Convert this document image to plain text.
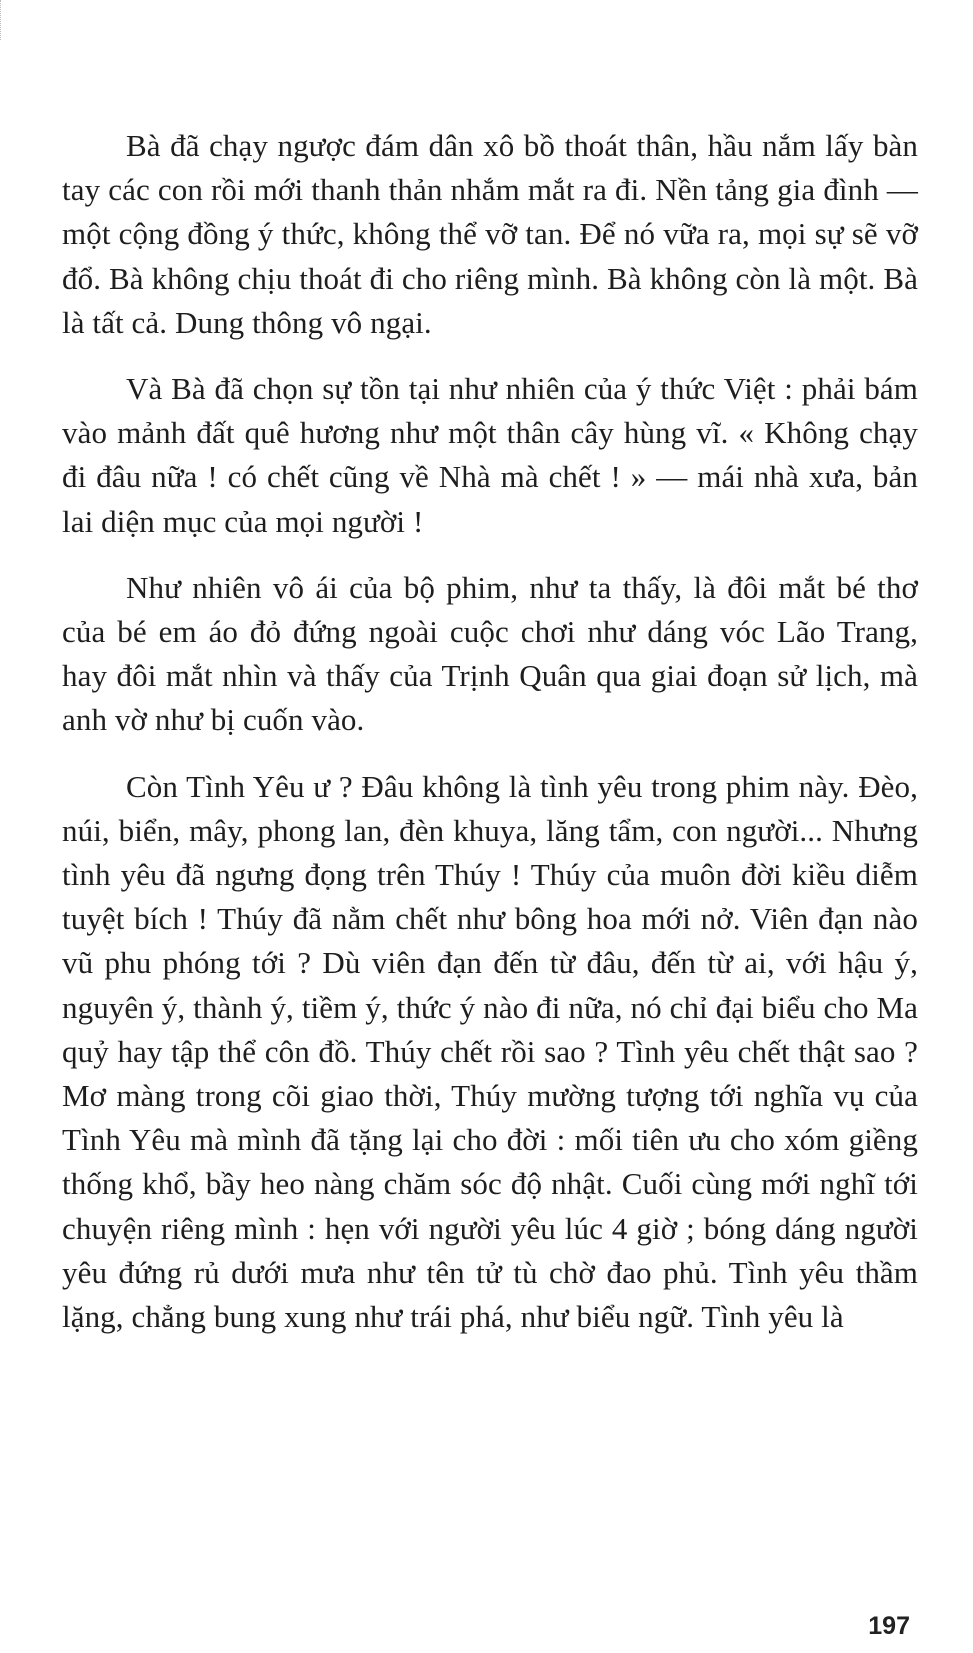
Bà đã chạy ngược đám dân xô bồ thoát thân, hầu nắm lấy bàn tay các con rồi mới thanh thản nhắm mắt ra đi. Nền tảng gia đình — một cộng đồng ý thức, không thể vỡ tan. Để nó vữa ra, mọi sự sẽ vỡ đổ. Bà không chịu thoát đi cho riêng mình. Bà không còn là một. Bà là tất cả. Dung thông vô ngại.

Và Bà đã chọn sự tồn tại như nhiên của ý thức Việt : phải bám vào mảnh đất quê hương như một thân cây hùng vĩ. « Không chạy đi đâu nữa ! có chết cũng về Nhà mà chết ! » — mái nhà xưa, bản lai diện mục của mọi người !

Như nhiên vô ái của bộ phim, như ta thấy, là đôi mắt bé thơ của bé em áo đỏ đứng ngoài cuộc chơi như dáng vóc Lão Trang, hay đôi mắt nhìn và thấy của Trịnh Quân qua giai đoạn sử lịch, mà anh vờ như bị cuốn vào.

Còn Tình Yêu ư ? Đâu không là tình yêu trong phim này. Đèo, núi, biển, mây, phong lan, đèn khuya, lăng tẩm, con người... Nhưng tình yêu đã ngưng đọng trên Thúy ! Thúy của muôn đời kiều diễm tuyệt bích ! Thúy đã nằm chết như bông hoa mới nở. Viên đạn nào vũ phu phóng tới ? Dù viên đạn đến từ đâu, đến từ ai, với hậu ý, nguyên ý, thành ý, tiềm ý, thức ý nào đi nữa, nó chỉ đại biểu cho Ma quỷ hay tập thể côn đồ. Thúy chết rồi sao ? Tình yêu chết thật sao ? Mơ màng trong cõi giao thời, Thúy mường tượng tới nghĩa vụ của Tình Yêu mà mình đã tặng lại cho đời : mối tiên ưu cho xóm giềng thống khổ, bầy heo nàng chăm sóc độ nhật. Cuối cùng mới nghĩ tới chuyện riêng mình : hẹn với người yêu lúc 4 giờ ; bóng dáng người yêu đứng rủ dưới mưa như tên tử tù chờ đao phủ. Tình yêu thầm lặng, chẳng bung xung như trái phá, như biểu ngữ. Tình yêu là

197
